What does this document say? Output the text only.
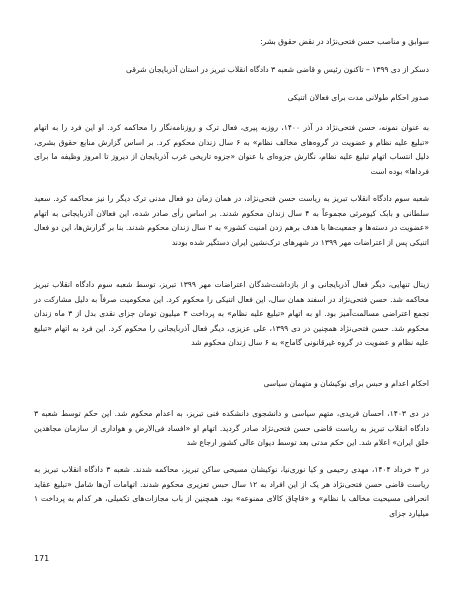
سوابق و مناصب حسن فتحی‌نژاد در نقض حقوق بشر:
دسکر از دی ۱۳۹۹ – تاکنون رئیس و قاضی شعبه ۳ دادگاه انقلاب تبریز در استان آذربایجان شرقی
صدور احکام طولانی مدت برای فعالان اتنیکی
به عنوان نمونه، حسن فتحی‌نژاد در آذر ۱۴۰۰، روزبه پیری، فعال ترک و روزنامه‌نگار را محاکمه کرد. او این فرد را به اتهام «تبلیغ علیه نظام و عضویت در گروه‌های مخالف نظام» به ۶ سال زندان محکوم کرد. بر اساس گزارش منابع حقوق بشری، دلیل انتساب اتهام تبلیغ علیه نظام، نگارش جزوه‌ای با عنوان «جزوه تاریخی غرب آذربایجان از دیروز تا امروز وظیفه ما برای فردا‌ها» بوده است
شعبه سوم دادگاه انقلاب تبریز به ریاست حسن فتحی‌نژاد، در همان زمان دو فعال مدنی ترک دیگر را نیز محاکمه کرد. سعید سلطانی و بابک کیومرثی مجموعاً به ۴ سال زندان محکوم شدند. بر اساس رأی صادر شده، این فعالان آذربایجانی به اتهام «عضویت در دسته‌ها و جمعیت‌ها با هدف برهم زدن امنیت کشور» به ۲ سال زندان محکوم شدند. بنا بر گزارش‌ها، این دو فعال اتنیکی پس از اعتراضات مهر ۱۳۹۹ در شهرهای ترک‌نشین ایران دستگیر شده بودند
زینال تنهایی، دیگر فعال آذربایجانی و از بازداشت‌شدگان اعتراضات مهر ۱۳۹۹ تبریز، توسط شعبه سوم دادگاه انقلاب تبریز محاکمه شد. حسن فتحی‌نژاد در اسفند همان سال، این فعال اتنیکی را محکوم کرد. این محکومیت صرفاً به دلیل مشارکت در تجمع اعتراضی مسالمت‌آمیز بود. او به اتهام «تبلیغ علیه نظام» به پرداخت ۳ میلیون تومان جزای نقدی بدل از ۳ ماه زندان محکوم شد. حسن فتحی‌نژاد همچنین در دی ۱۳۹۹، علی عزیزی، دیگر فعال آذربایجانی را محکوم کرد. این فرد به اتهام «تبلیغ علیه نظام و عضویت در گروه غیرقانونی گاماج» به ۶ سال زندان محکوم شد
احکام اعدام و حبس برای نوکیشان و متهمان سیاسی
در دی ۱۴۰۳، احسان فریدی، متهم سیاسی و دانشجوی دانشکده فنی تبریز، به اعدام محکوم شد. این حکم توسط شعبه ۳ دادگاه انقلاب تبریز به ریاست قاضی حسن فتحی‌نژاد صادر گردید. اتهام او «افساد فی‌الارض و هواداری از سازمان مجاهدین خلق ایران» اعلام شد. این حکم مدتی بعد توسط دیوان عالی کشور ارجاع شد
در ۳ خرداد ۱۴۰۴، مهدی رحیمی و کیا نوری‌نیا، نوکیشان مسیحی ساکن تبریز، محاکمه شدند. شعبه ۳ دادگاه انقلاب تبریز به ریاست قاضی حسن فتحی‌نژاد هر یک از این افراد به ۱۲ سال حبس تعزیری محکوم شدند. اتهامات آن‌ها شامل «تبلیغ عقاید انحرافی مسیحیت مخالف با نظام» و «قاچاق کالای ممنوعه» بود. همچنین از باب مجازات‌های تکمیلی، هر کدام به پرداخت ۱ میلیارد جزای
171
